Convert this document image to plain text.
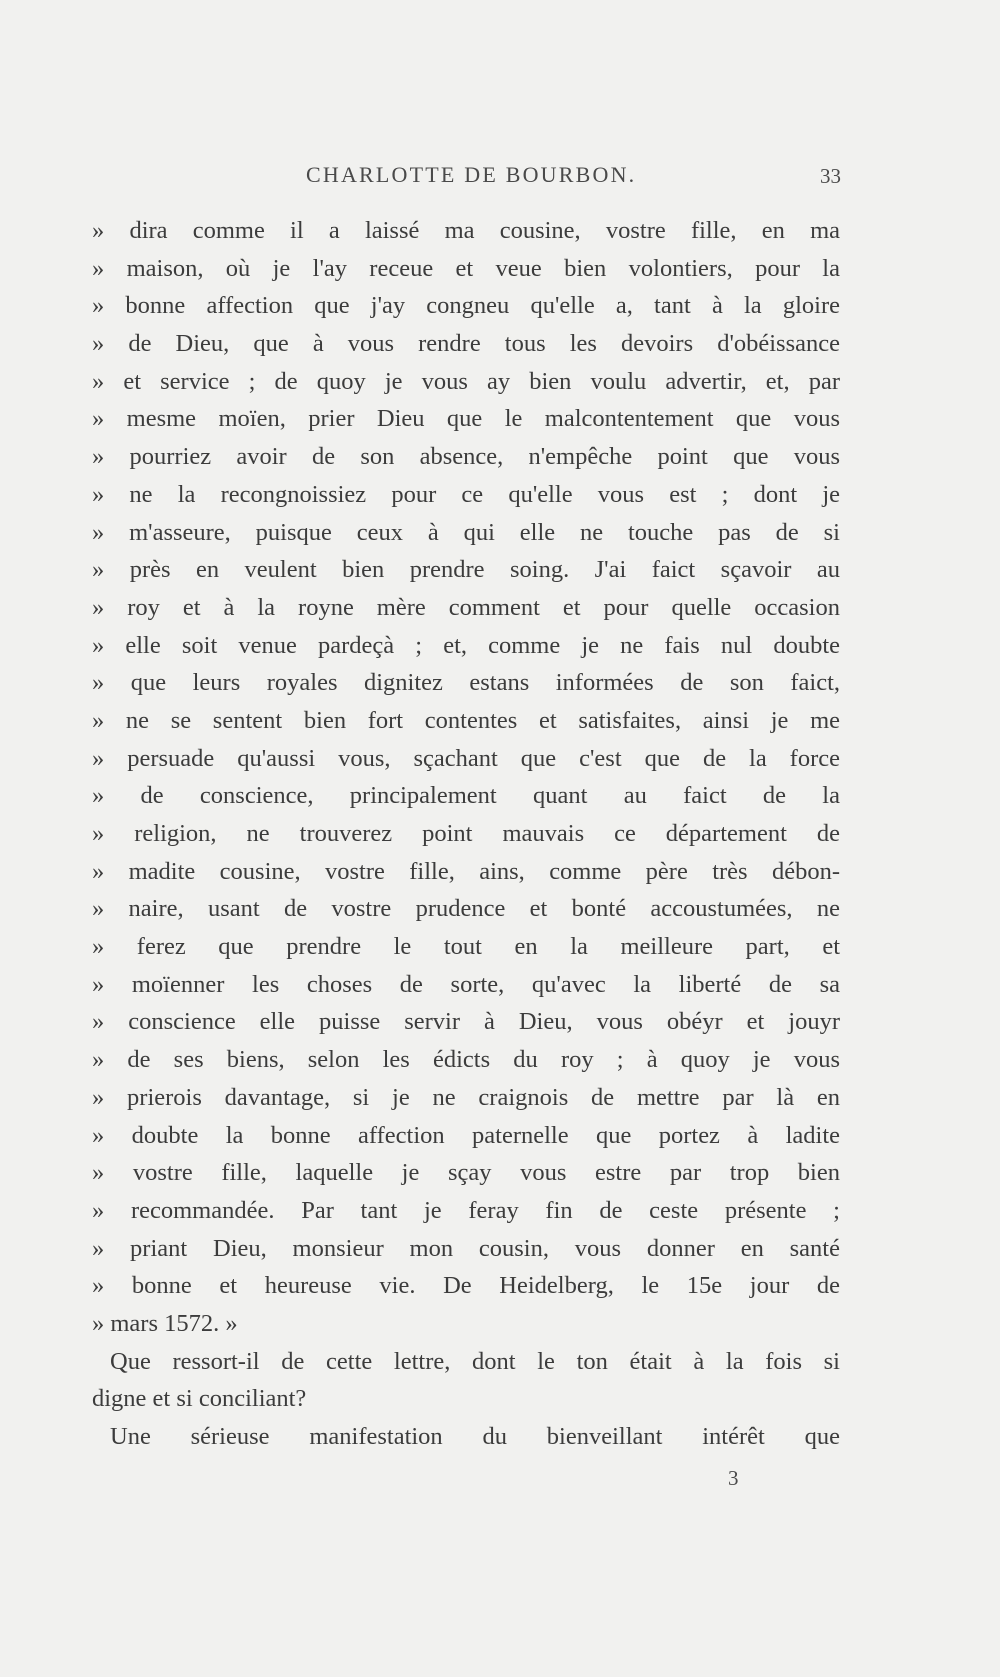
CHARLOTTE DE BOURBON.	33
» dira comme il a laissé ma cousine, vostre fille, en ma
» maison, où je l'ay receue et veue bien volontiers, pour la
» bonne affection que j'ay congneu qu'elle a, tant à la gloire
» de Dieu, que à vous rendre tous les devoirs d'obéissance
» et service ; de quoy je vous ay bien voulu advertir, et, par
» mesme moïen, prier Dieu que le malcontentement que vous
» pourriez avoir de son absence, n'empêche point que vous
» ne la recongnoissiez pour ce qu'elle vous est ; dont je
» m'asseure, puisque ceux à qui elle ne touche pas de si
» près en veulent bien prendre soing. J'ai faict sçavoir au
» roy et à la royne mère comment et pour quelle occasion
» elle soit venue pardeçà ; et, comme je ne fais nul doubte
» que leurs royales dignitez estans informées de son faict,
» ne se sentent bien fort contentes et satisfaites, ainsi je me
» persuade qu'aussi vous, sçachant que c'est que de la force
» de conscience, principalement quant au faict de la
» religion, ne trouverez point mauvais ce département de
» madite cousine, vostre fille, ains, comme père très débon-
» naire, usant de vostre prudence et bonté accoustumées, ne
» ferez que prendre le tout en la meilleure part, et
» moïenner les choses de sorte, qu'avec la liberté de sa
» conscience elle puisse servir à Dieu, vous obéyr et jouyr
» de ses biens, selon les édicts du roy ; à quoy je vous
» prierois davantage, si je ne craignois de mettre par là en
» doubte la bonne affection paternelle que portez à ladite
» vostre fille, laquelle je sçay vous estre par trop bien
» recommandée. Par tant je feray fin de ceste présente ;
» priant Dieu, monsieur mon cousin, vous donner en santé
» bonne et heureuse vie. De Heidelberg, le 15e jour de
» mars 1572. »
Que ressort-il de cette lettre, dont le ton était à la fois si
digne et si conciliant?
Une sérieuse manifestation du bienveillant intérêt que
3
